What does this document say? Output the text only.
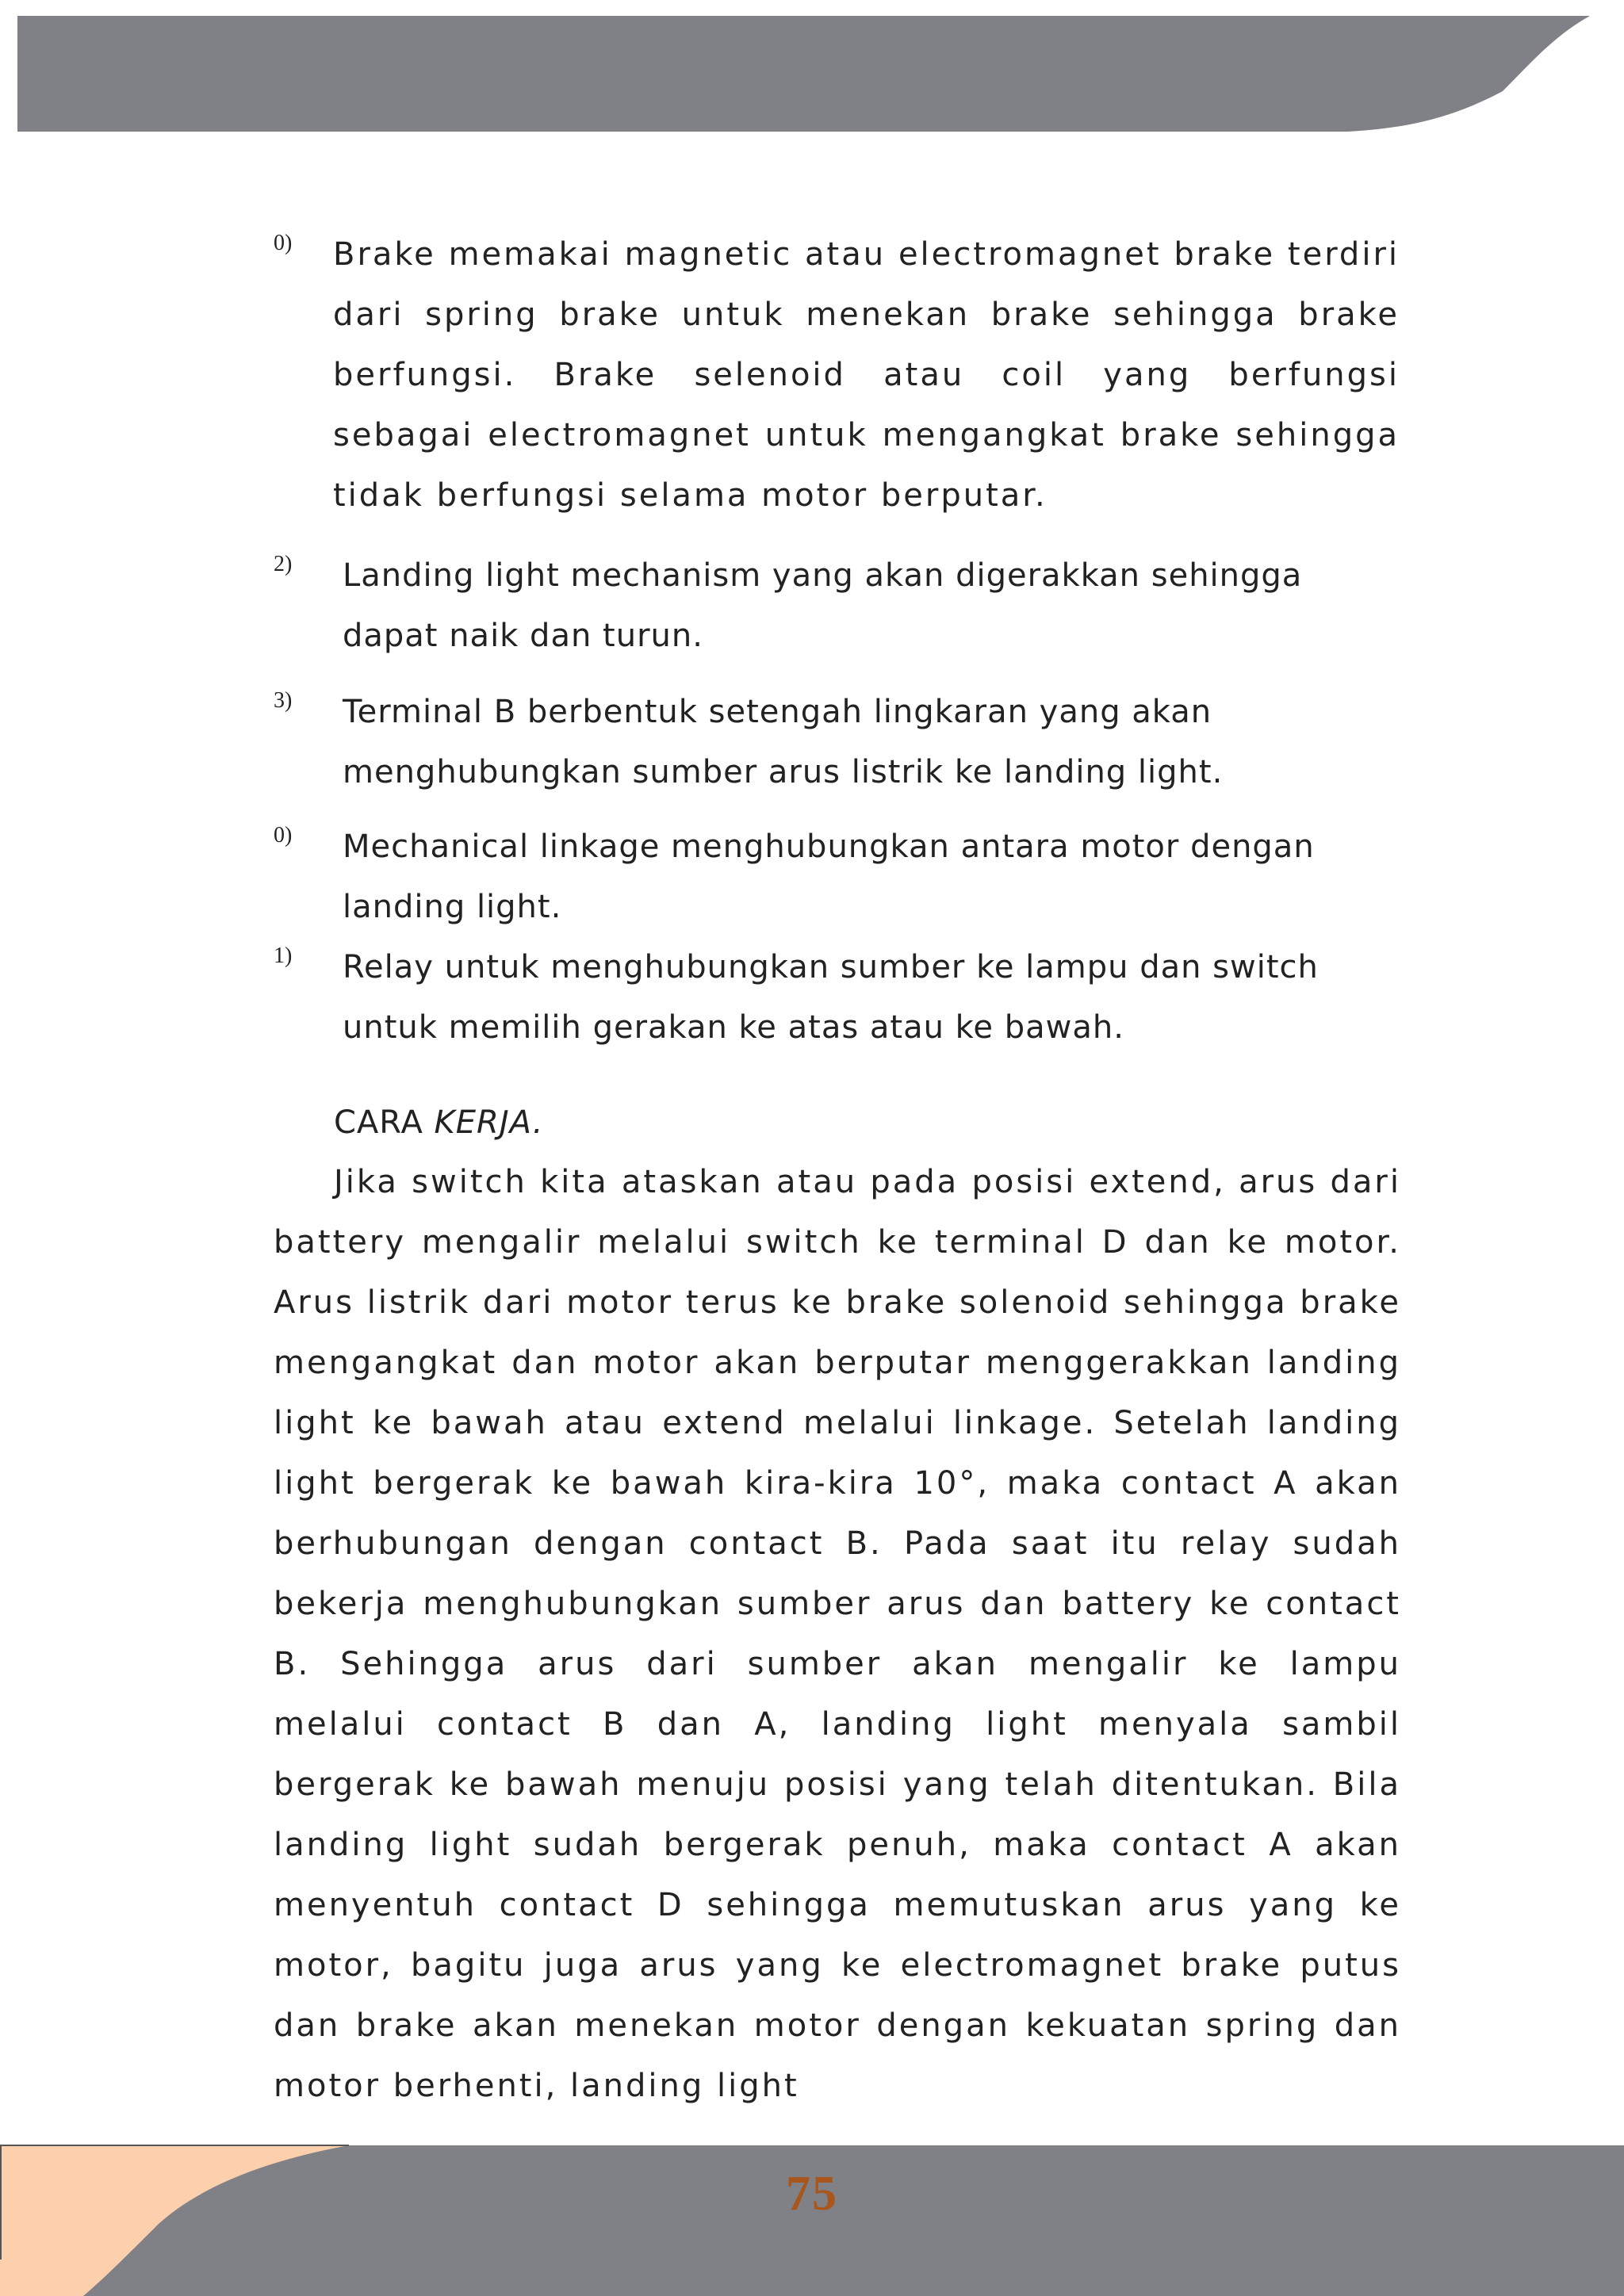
0) Brake memakai magnetic atau electromagnet brake terdiri dari spring brake untuk menekan brake sehingga brake berfungsi. Brake selenoid atau coil yang berfungsi sebagai electromagnet untuk mengangkat brake sehingga tidak berfungsi selama motor berputar.
2) Landing light mechanism yang akan digerakkan sehingga dapat naik dan turun.
3) Terminal B berbentuk setengah lingkaran yang akan menghubungkan sumber arus listrik ke landing light.
0) Mechanical linkage menghubungkan antara motor dengan landing light.
1) Relay untuk menghubungkan sumber ke lampu dan switch untuk memilih gerakan ke atas atau ke bawah.
CARA KERJA.
Jika switch kita ataskan atau pada posisi extend, arus dari battery mengalir melalui switch ke terminal D dan ke motor. Arus listrik dari motor terus ke brake solenoid sehingga brake mengangkat dan motor akan berputar menggerakkan landing light ke bawah atau extend melalui linkage. Setelah landing light bergerak ke bawah kira-kira 10°, maka contact A akan berhubungan dengan contact B. Pada saat itu relay sudah bekerja menghubungkan sumber arus dan battery ke contact B. Sehingga arus dari sumber akan mengalir ke lampu melalui contact B dan A, landing light menyala sambil bergerak ke bawah menuju posisi yang telah ditentukan. Bila landing light sudah bergerak penuh, maka contact A akan menyentuh contact D sehingga memutuskan arus yang ke motor, bagitu juga arus yang ke electromagnet brake putus dan brake akan menekan motor dengan kekuatan spring dan motor berhenti, landing light
75
